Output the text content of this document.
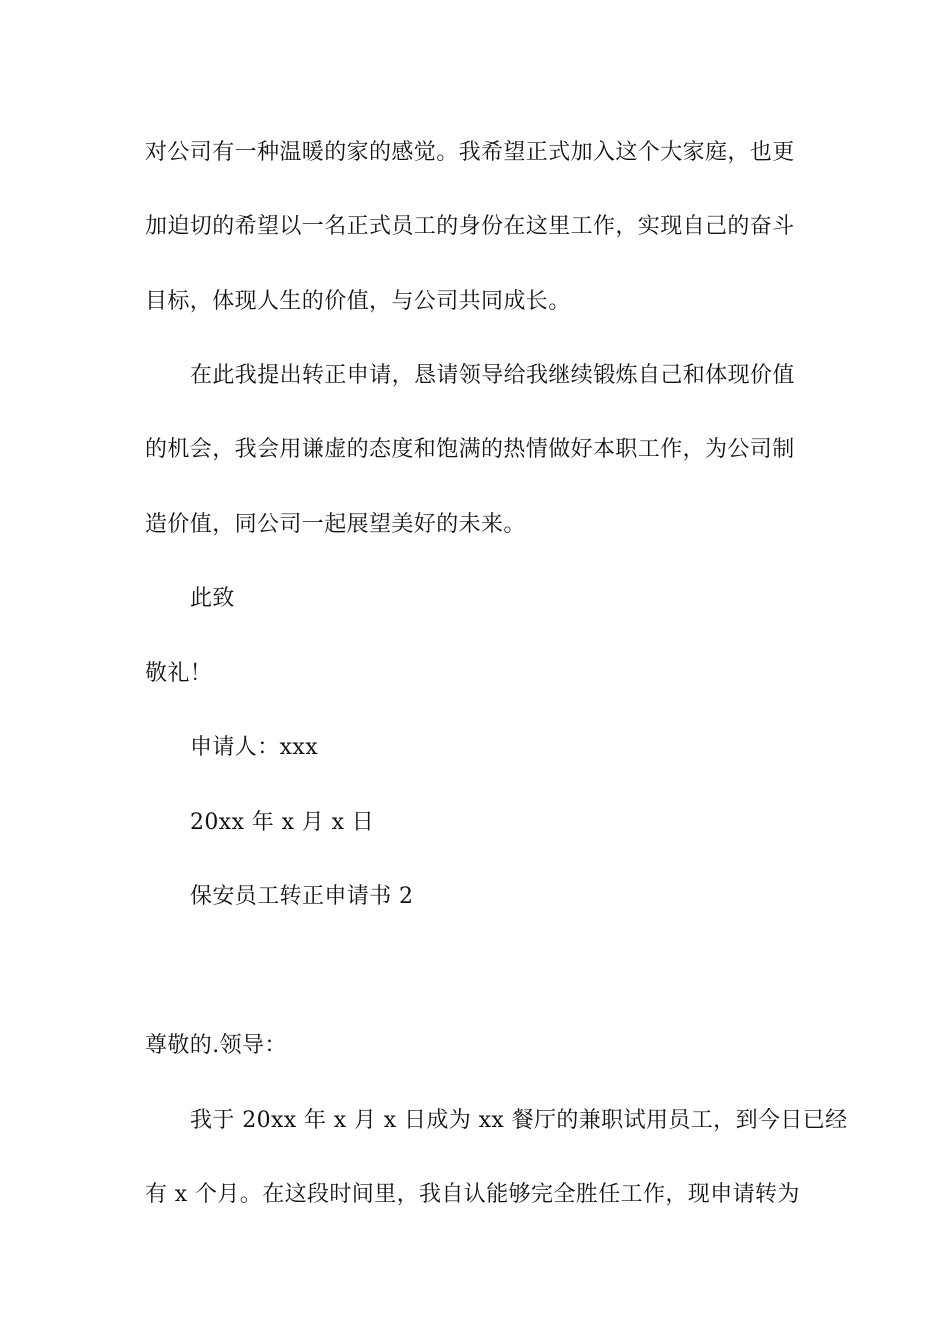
对公司有一种温暖的家的感觉。我希望正式加入这个大家庭，也更
加迫切的希望以一名正式员工的身份在这里工作，实现自己的奋斗
目标，体现人生的价值，与公司共同成长。
在此我提出转正申请，恳请领导给我继续锻炼自己和体现价值
的机会，我会用谦虚的态度和饱满的热情做好本职工作，为公司制
造价值，同公司一起展望美好的未来。
此致
敬礼！
申请人：xxx
20xx 年 x 月 x 日
保安员工转正申请书 2
尊敬的.领导：
我于 20xx 年 x 月 x 日成为 xx 餐厅的兼职试用员工，到今日已经
有 x 个月。在这段时间里，我自认能够完全胜任工作，现申请转为
